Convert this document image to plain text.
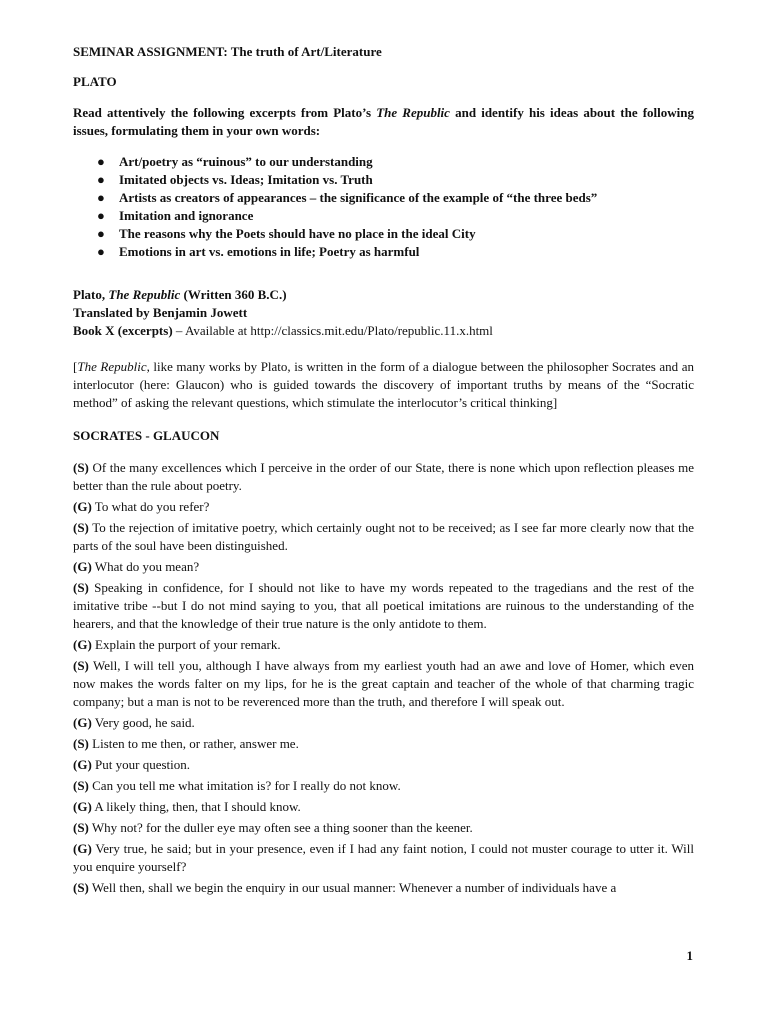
SEMINAR ASSIGNMENT: The truth of Art/Literature

PLATO

Read attentively the following excerpts from Plato’s The Republic and identify his ideas about the following issues, formulating them in your own words:

● Art/poetry as “ruinous” to our understanding
● Imitated objects vs. Ideas; Imitation vs. Truth
● Artists as creators of appearances – the significance of the example of “the three beds”
● Imitation and ignorance
● The reasons why the Poets should have no place in the ideal City
● Emotions in art vs. emotions in life; Poetry as harmful
Plato, The Republic (Written 360 B.C.)
Translated by Benjamin Jowett
Book X (excerpts) – Available at http://classics.mit.edu/Plato/republic.11.x.html

[The Republic, like many works by Plato, is written in the form of a dialogue between the philosopher Socrates and an interlocutor (here: Glaucon) who is guided towards the discovery of important truths by means of the “Socratic method” of asking the relevant questions, which stimulate the interlocutor’s critical thinking]

SOCRATES - GLAUCON

(S) Of the many excellences which I perceive in the order of our State, there is none which upon reflection pleases me better than the rule about poetry.

(G) To what do you refer?

(S) To the rejection of imitative poetry, which certainly ought not to be received; as I see far more clearly now that the parts of the soul have been distinguished.

(G) What do you mean?

(S) Speaking in confidence, for I should not like to have my words repeated to the tragedians and the rest of the imitative tribe --but I do not mind saying to you, that all poetical imitations are ruinous to the understanding of the hearers, and that the knowledge of their true nature is the only antidote to them.

(G) Explain the purport of your remark.

(S) Well, I will tell you, although I have always from my earliest youth had an awe and love of Homer, which even now makes the words falter on my lips, for he is the great captain and teacher of the whole of that charming tragic company; but a man is not to be reverenced more than the truth, and therefore I will speak out.

(G) Very good, he said.

(S) Listen to me then, or rather, answer me.

(G) Put your question.

(S) Can you tell me what imitation is? for I really do not know.

(G) A likely thing, then, that I should know.

(S) Why not? for the duller eye may often see a thing sooner than the keener.

(G) Very true, he said; but in your presence, even if I had any faint notion, I could not muster courage to utter it. Will you enquire yourself?

(S) Well then, shall we begin the enquiry in our usual manner: Whenever a number of individuals have a

1
